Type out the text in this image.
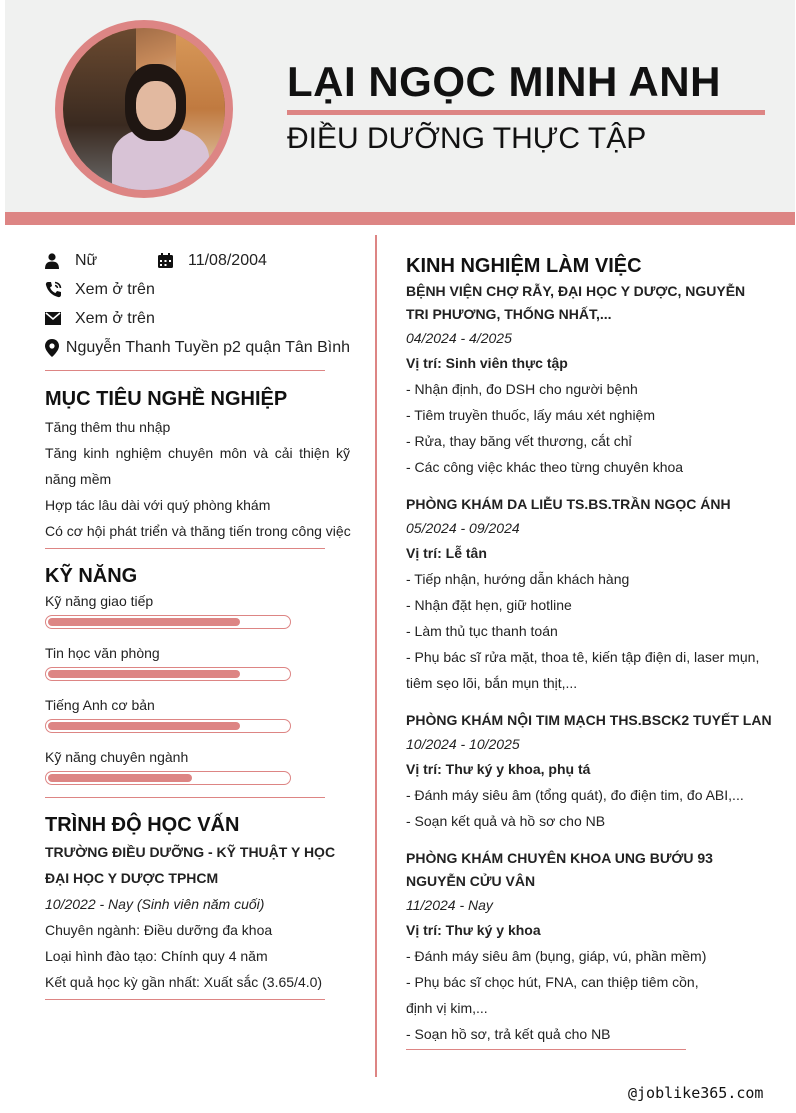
LẠI NGỌC MINH ANH
ĐIỀU DƯỠNG THỰC TẬP
Nữ	11/08/2004
Xem ở trên
Xem ở trên
Nguyễn Thanh Tuyền p2 quận Tân Bình
MỤC TIÊU NGHỀ NGHIỆP
Tăng thêm thu nhập
Tăng kinh nghiệm chuyên môn và cải thiện kỹ năng mềm
Hợp tác lâu dài với quý phòng khám
Có cơ hội phát triển và thăng tiến trong công việc
KỸ NĂNG
Kỹ năng giao tiếp
Tin học văn phòng
Tiếng Anh cơ bản
Kỹ năng chuyên ngành
TRÌNH ĐỘ HỌC VẤN
TRƯỜNG ĐIỀU DƯỠNG - KỸ THUẬT Y HỌC
ĐẠI HỌC Y DƯỢC TPHCM
10/2022 - Nay (Sinh viên năm cuối)
Chuyên ngành: Điều dưỡng đa khoa
Loại hình đào tạo: Chính quy 4 năm
Kết quả học kỳ gần nhất: Xuất sắc (3.65/4.0)
KINH NGHIỆM LÀM VIỆC
BỆNH VIỆN CHỢ RẪY, ĐẠI HỌC Y DƯỢC, NGUYỄN TRI PHƯƠNG, THỐNG NHẤT,...
04/2024 - 4/2025
Vị trí: Sinh viên thực tập
- Nhận định, đo DSH cho người bệnh
- Tiêm truyền thuốc, lấy máu xét nghiệm
- Rửa, thay băng vết thương, cắt chỉ
- Các công việc khác theo từng chuyên khoa
PHÒNG KHÁM DA LIỄU TS.BS.TRẦN NGỌC ÁNH
05/2024 - 09/2024
Vị trí: Lễ tân
- Tiếp nhận, hướng dẫn khách hàng
- Nhận đặt hẹn, giữ hotline
- Làm thủ tục thanh toán
- Phụ bác sĩ rửa mặt, thoa tê, kiến tập điện di, laser mụn, tiêm sẹo lõi, bắn mụn thịt,...
PHÒNG KHÁM NỘI TIM MẠCH THS.BSCK2 TUYẾT LAN
10/2024 - 10/2025
Vị trí: Thư ký y khoa, phụ tá
- Đánh máy siêu âm (tổng quát), đo điện tim, đo ABI,...
- Soạn kết quả và hồ sơ cho NB
PHÒNG KHÁM CHUYÊN KHOA UNG BƯỚU 93 NGUYỄN CỬU VÂN
11/2024 - Nay
Vị trí: Thư ký y khoa
- Đánh máy siêu âm (bụng, giáp, vú, phần mềm)
- Phụ bác sĩ chọc hút, FNA, can thiệp tiêm cồn, định vị kim,...
- Soạn hồ sơ, trả kết quả cho NB
@joblike365.com
